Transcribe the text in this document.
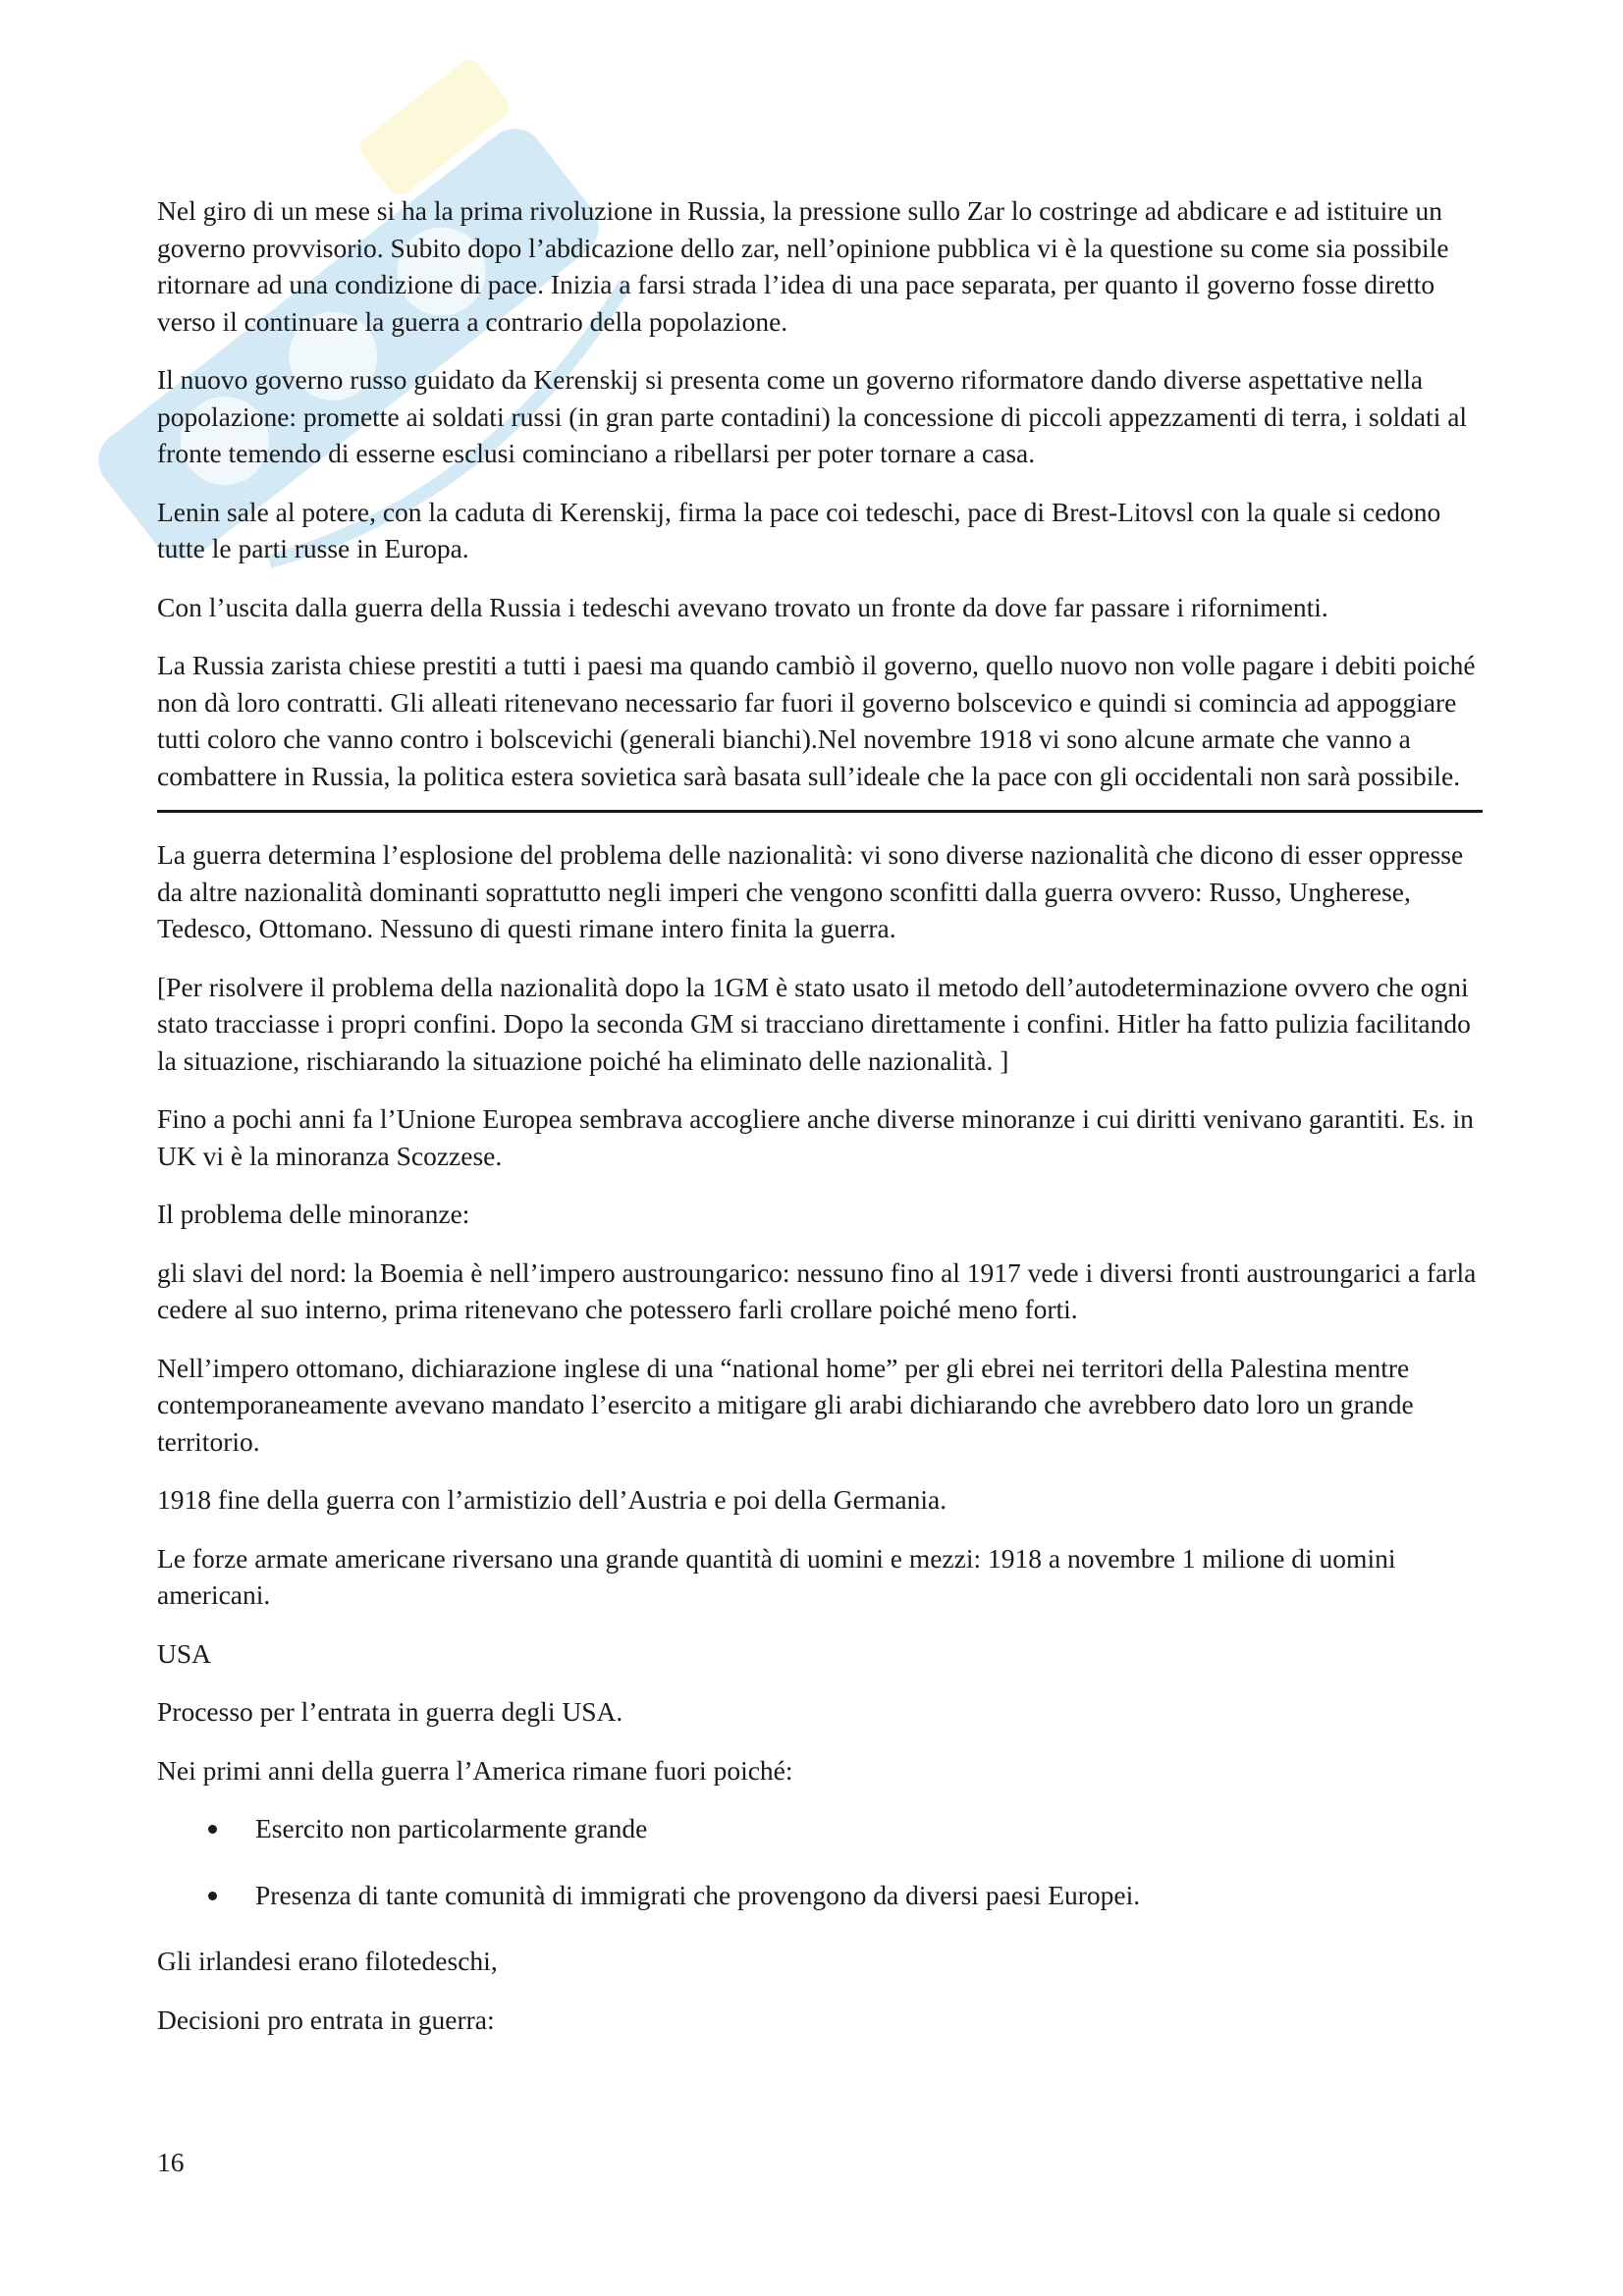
Nel giro di un mese si ha la prima rivoluzione in Russia, la pressione sullo Zar lo costringe ad abdicare e ad istituire un governo provvisorio. Subito dopo l’abdicazione dello zar, nell’opinione pubblica vi è la questione su come sia possibile ritornare ad una condizione di pace. Inizia a farsi strada l’idea di una pace separata, per quanto il governo fosse diretto verso il continuare la guerra a contrario della popolazione.

Il nuovo governo russo guidato da Kerenskij si presenta come un governo riformatore dando diverse aspettative nella popolazione: promette ai soldati russi (in gran parte contadini) la concessione di piccoli appezzamenti di terra, i soldati al fronte temendo di esserne esclusi cominciano a ribellarsi per poter tornare a casa.

Lenin sale al potere, con la caduta di Kerenskij, firma la pace coi tedeschi, pace di Brest-Litovsl con la quale si cedono tutte le parti russe in Europa.

Con l’uscita dalla guerra della Russia i tedeschi avevano trovato un fronte da dove far passare i rifornimenti.

La Russia zarista chiese prestiti a tutti i paesi ma quando cambiò il governo, quello nuovo non volle pagare i debiti poiché non dà loro contratti. Gli alleati ritenevano necessario far fuori il governo bolscevico e quindi si comincia ad appoggiare tutti coloro che vanno contro i bolscevichi (generali bianchi).Nel novembre 1918 vi sono alcune armate che vanno a combattere in Russia, la politica estera sovietica sarà basata sull’ideale che la pace con gli occidentali non sarà possibile.

La guerra determina l’esplosione del problema delle nazionalità: vi sono diverse nazionalità che dicono di esser oppresse da altre nazionalità dominanti soprattutto negli imperi che vengono sconfitti dalla guerra ovvero: Russo, Ungherese, Tedesco, Ottomano. Nessuno di questi rimane intero finita la guerra.

[Per risolvere il problema della nazionalità dopo la 1GM è stato usato il metodo dell’autodeterminazione ovvero che ogni stato tracciasse i propri confini. Dopo la seconda GM si tracciano direttamente i confini. Hitler ha fatto pulizia facilitando la situazione, rischiarando la situazione poiché ha eliminato delle nazionalità. ]

Fino a pochi anni fa l’Unione Europea sembrava accogliere anche diverse minoranze i cui diritti venivano garantiti. Es. in UK vi è la minoranza Scozzese.

Il problema delle minoranze:

gli slavi del nord: la Boemia è nell’impero austroungarico: nessuno fino al 1917 vede i diversi fronti austroungarici a farla cedere al suo interno, prima ritenevano che potessero farli crollare poiché meno forti.

Nell’impero ottomano, dichiarazione inglese di una “national home” per gli ebrei nei territori della Palestina mentre contemporaneamente avevano mandato l’esercito a mitigare gli arabi dichiarando che avrebbero dato loro un grande territorio.

1918 fine della guerra con l’armistizio dell’Austria e poi della Germania.

Le forze armate americane riversano una grande quantità di uomini e mezzi: 1918 a novembre 1 milione di uomini americani.

USA

Processo per l’entrata in guerra degli USA.

Nei primi anni della guerra l’America rimane fuori poiché:

Esercito non particolarmente grande
Presenza di tante comunità di immigrati che provengono da diversi paesi Europei.

Gli irlandesi erano filotedeschi,

Decisioni pro entrata in guerra:

16
